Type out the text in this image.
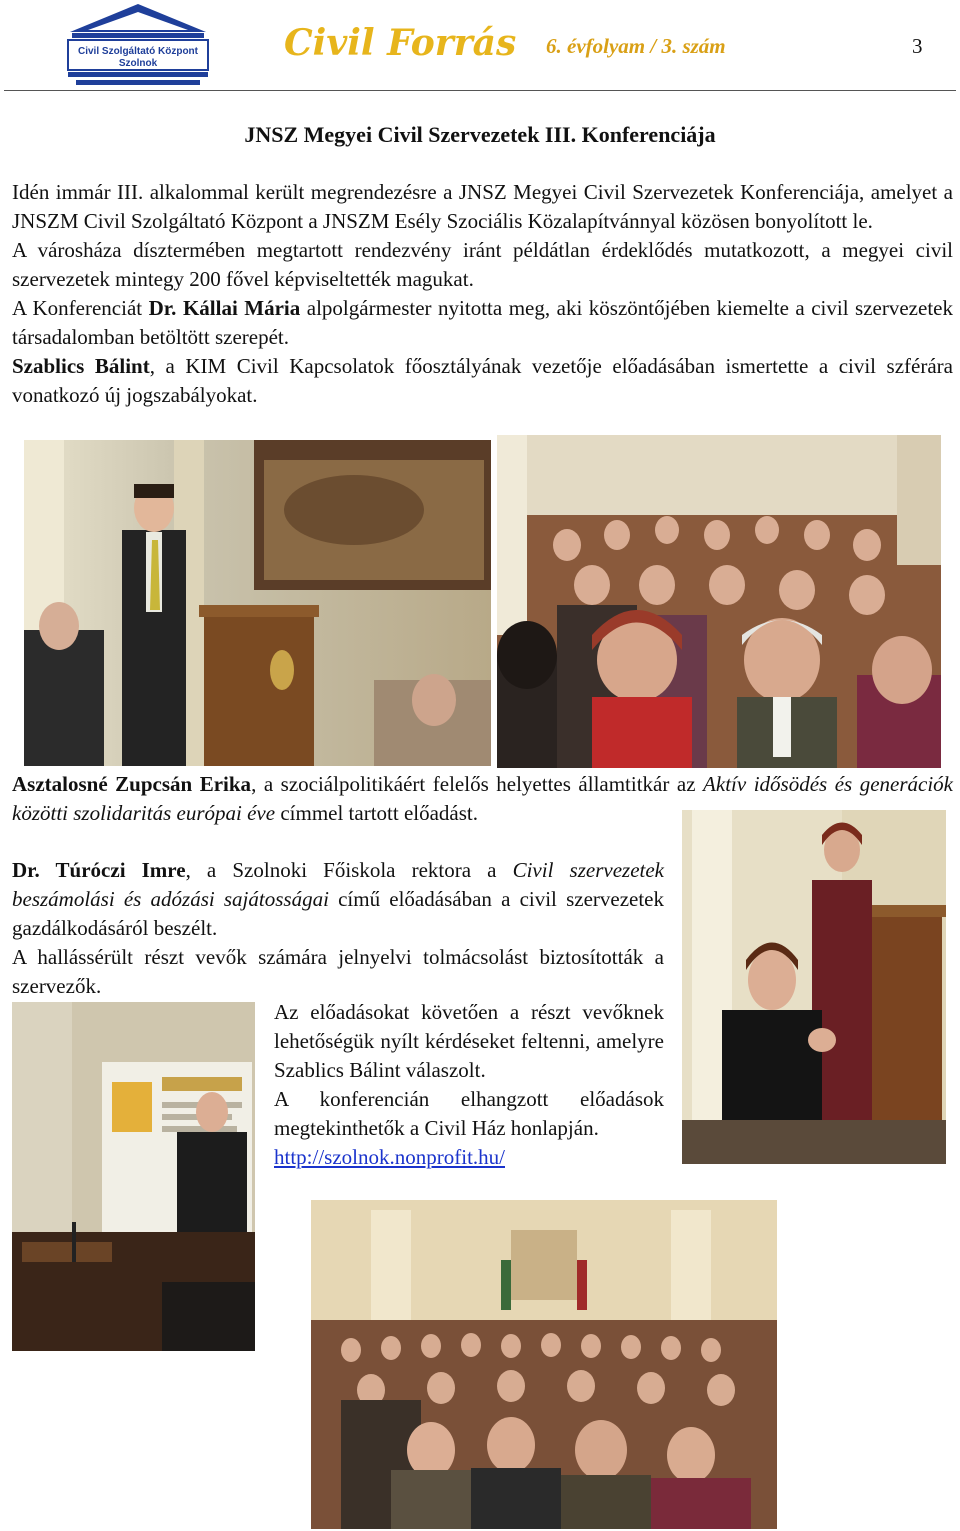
Civil Szolgáltató Központ
Szolnok	Civil Forrás 6. évfolyam / 3. szám	3
JNSZ Megyei Civil Szervezetek III. Konferenciája

Idén immár III. alkalommal került megrendezésre a JNSZ Megyei Civil Szervezetek Konferenciája, amelyet a JNSZM Civil Szolgáltató Központ a JNSZM Esély Szociális Közalapítvánnyal közösen bonyolított le.

A városháza dísztermében megtartott rendezvény iránt példátlan érdeklődés mutatkozott, a megyei civil szervezetek mintegy 200 fővel képviseltették magukat.

A Konferenciát Dr. Kállai Mária alpolgármester nyitotta meg, aki köszöntőjében kiemelte a civil szervezetek társadalomban betöltött szerepét.

Szablics Bálint, a KIM Civil Kapcsolatok főosztályának vezetője előadásában ismertette a civil szférára vonatkozó új jogszabályokat.

Asztalosné Zupcsán Erika, a szociálpolitikáért felelős helyettes államtitkár az Aktív idősödés és generációk közötti szolidaritás európai éve címmel tartott előadást.

Dr. Túróczi Imre, a Szolnoki Főiskola rektora a Civil szervezetek beszámolási és adózási sajátosságai című előadásában a civil szervezetek gazdálkodásáról beszélt.

A hallássérült részt vevők számára jelnyelvi tolmácsolást biztosították a szervezők.

Az előadásokat követően a részt vevőknek lehetőségük nyílt kérdéseket feltenni, amelyre Szablics Bálint válaszolt.

A konferencián elhangzott előadások megtekinthetők a Civil Ház honlapján.

http://szolnok.nonprofit.hu/
